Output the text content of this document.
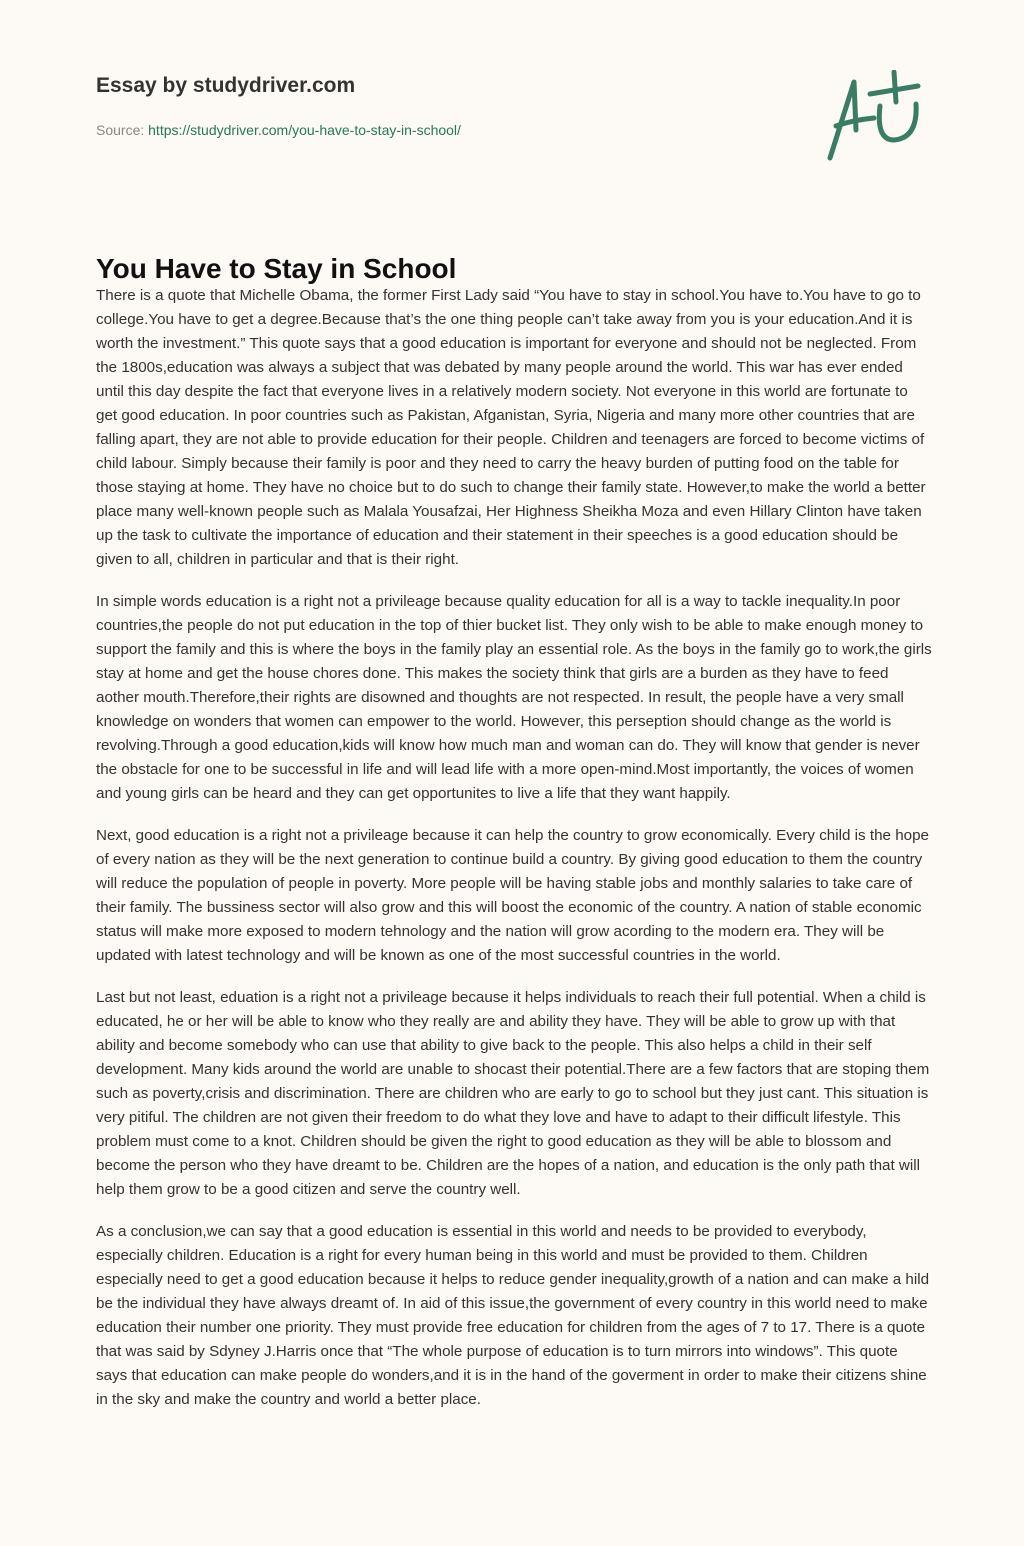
Essay by studydriver.com
Source: https://studydriver.com/you-have-to-stay-in-school/
You Have to Stay in School

There is a quote that Michelle Obama, the former First Lady said “You have to stay in school.You have to.You have to go to college.You have to get a degree.Because that’s the one thing people can’t take away from you is your education.And it is worth the investment.” This quote says that a good education is important for everyone and should not be neglected. From the 1800s,education was always a subject that was debated by many people around the world. This war has ever ended until this day despite the fact that everyone lives in a relatively modern society. Not everyone in this world are fortunate to get good education. In poor countries such as Pakistan, Afganistan, Syria, Nigeria and many more other countries that are falling apart, they are not able to provide education for their people. Children and teenagers are forced to become victims of child labour. Simply because their family is poor and they need to carry the heavy burden of putting food on the table for those staying at home. They have no choice but to do such to change their family state. However,to make the world a better place many well-known people such as Malala Yousafzai, Her Highness Sheikha Moza and even Hillary Clinton have taken up the task to cultivate the importance of education and their statement in their speeches is a good education should be given to all, children in particular and that is their right.

In simple words education is a right not a privileage because quality education for all is a way to tackle inequality.In poor countries,the people do not put education in the top of thier bucket list. They only wish to be able to make enough money to support the family and this is where the boys in the family play an essential role. As the boys in the family go to work,the girls stay at home and get the house chores done. This makes the society think that girls are a burden as they have to feed aother mouth.Therefore,their rights are disowned and thoughts are not respected. In result, the people have a very small knowledge on wonders that women can empower to the world. However, this perseption should change as the world is revolving.Through a good education,kids will know how much man and woman can do. They will know that gender is never the obstacle for one to be successful in life and will lead life with a more open-mind.Most importantly, the voices of women and young girls can be heard and they can get opportunites to live a life that they want happily.

Next, good education is a right not a privileage because it can help the country to grow economically. Every child is the hope of every nation as they will be the next generation to continue build a country. By giving good education to them the country will reduce the population of people in poverty. More people will be having stable jobs and monthly salaries to take care of their family. The bussiness sector will also grow and this will boost the economic of the country. A nation of stable economic status will make more exposed to modern tehnology and the nation will grow acording to the modern era. They will be updated with latest technology and will be known as one of the most successful countries in the world.

Last but not least, eduation is a right not a privileage because it helps individuals to reach their full potential. When a child is educated, he or her will be able to know who they really are and ability they have. They will be able to grow up with that ability and become somebody who can use that ability to give back to the people. This also helps a child in their self development. Many kids around the world are unable to shocast their potential.There are a few factors that are stoping them such as poverty,crisis and discrimination. There are children who are early to go to school but they just cant. This situation is very pitiful. The children are not given their freedom to do what they love and have to adapt to their difficult lifestyle. This problem must come to a knot. Children should be given the right to good education as they will be able to blossom and become the person who they have dreamt to be. Children are the hopes of a nation, and education is the only path that will help them grow to be a good citizen and serve the country well.

As a conclusion,we can say that a good education is essential in this world and needs to be provided to everybody, especially children. Education is a right for every human being in this world and must be provided to them. Children especially need to get a good education because it helps to reduce gender inequality,growth of a nation and can make a hild be the individual they have always dreamt of. In aid of this issue,the government of every country in this world need to make education their number one priority. They must provide free education for children from the ages of 7 to 17. There is a quote that was said by Sdyney J.Harris once that “The whole purpose of education is to turn mirrors into windows”. This quote says that education can make people do wonders,and it is in the hand of the goverment in order to make their citizens shine in the sky and make the country and world a better place.
